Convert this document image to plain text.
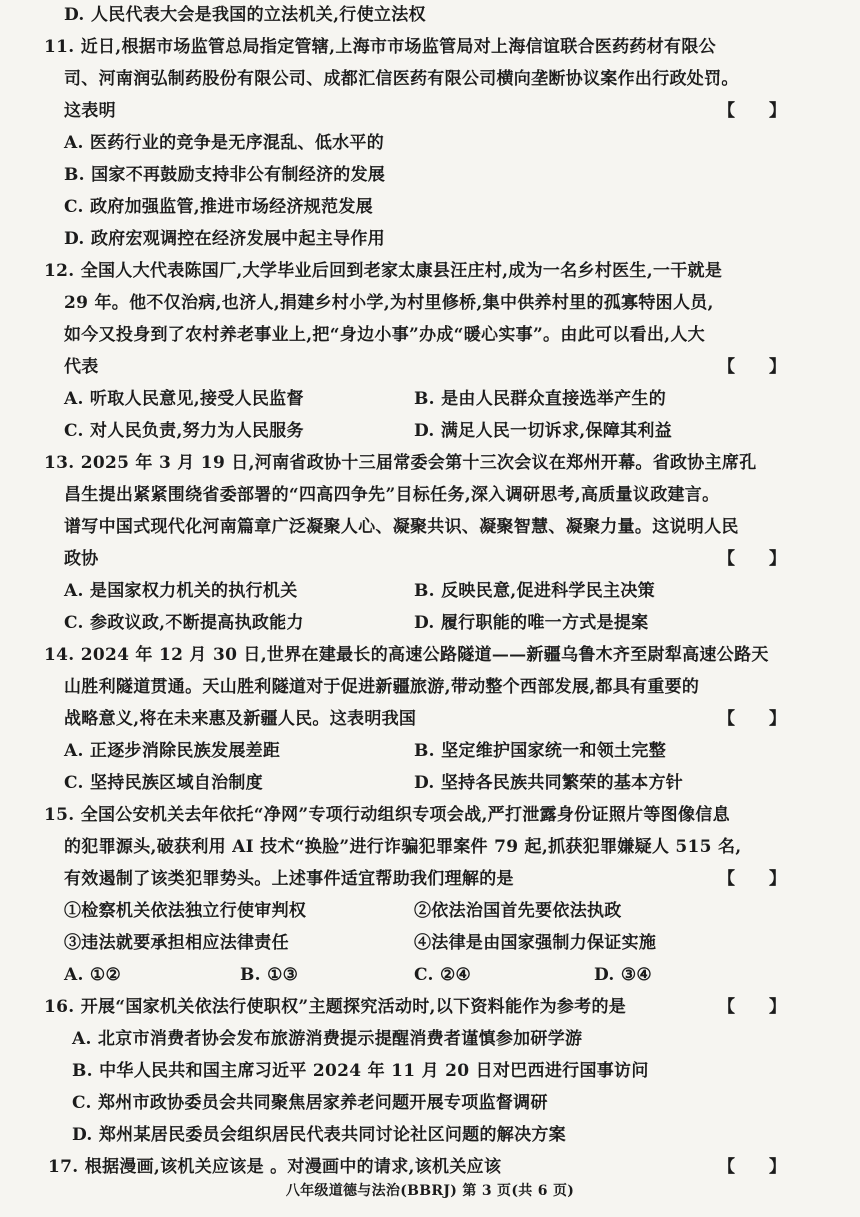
D. 人民代表大会是我国的立法机关,行使立法权
11. 近日,根据市场监管总局指定管辖,上海市市场监管局对上海信谊联合医药药材有限公
司、河南润弘制药股份有限公司、成都汇信医药有限公司横向垄断协议案作出行政处罚。
这表明	【　　】
A. 医药行业的竞争是无序混乱、低水平的
B. 国家不再鼓励支持非公有制经济的发展
C. 政府加强监管,推进市场经济规范发展
D. 政府宏观调控在经济发展中起主导作用
12. 全国人大代表陈国厂,大学毕业后回到老家太康县汪庄村,成为一名乡村医生,一干就是
29 年。他不仅治病,也济人,捐建乡村小学,为村里修桥,集中供养村里的孤寡特困人员,
如今又投身到了农村养老事业上,把“身边小事”办成“暖心实事”。由此可以看出,人大
代表	【　　】
A. 听取人民意见,接受人民监督	B. 是由人民群众直接选举产生的
C. 对人民负责,努力为人民服务	D. 满足人民一切诉求,保障其利益
13. 2025 年 3 月 19 日,河南省政协十三届常委会第十三次会议在郑州开幕。省政协主席孔
昌生提出紧紧围绕省委部署的“四高四争先”目标任务,深入调研思考,高质量议政建言。
谱写中国式现代化河南篇章广泛凝聚人心、凝聚共识、凝聚智慧、凝聚力量。这说明人民
政协	【　　】
A. 是国家权力机关的执行机关	B. 反映民意,促进科学民主决策
C. 参政议政,不断提高执政能力	D. 履行职能的唯一方式是提案
14. 2024 年 12 月 30 日,世界在建最长的高速公路隧道——新疆乌鲁木齐至尉犁高速公路天
山胜利隧道贯通。天山胜利隧道对于促进新疆旅游,带动整个西部发展,都具有重要的
战略意义,将在未来惠及新疆人民。这表明我国	【　　】
A. 正逐步消除民族发展差距	B. 坚定维护国家统一和领土完整
C. 坚持民族区域自治制度	D. 坚持各民族共同繁荣的基本方针
15. 全国公安机关去年依托“净网”专项行动组织专项会战,严打泄露身份证照片等图像信息
的犯罪源头,破获利用 AI 技术“换脸”进行诈骗犯罪案件 79 起,抓获犯罪嫌疑人 515 名,
有效遏制了该类犯罪势头。上述事件适宜帮助我们理解的是	【　　】
①检察机关依法独立行使审判权	②依法治国首先要依法执政
③违法就要承担相应法律责任	④法律是由国家强制力保证实施
A. ①②	B. ①③	C. ②④	D. ③④
16. 开展“国家机关依法行使职权”主题探究活动时,以下资料能作为参考的是	【　　】
A. 北京市消费者协会发布旅游消费提示提醒消费者谨慎参加研学游
B. 中华人民共和国主席习近平 2024 年 11 月 20 日对巴西进行国事访问
C. 郑州市政协委员会共同聚焦居家养老问题开展专项监督调研
D. 郑州某居民委员会组织居民代表共同讨论社区问题的解决方案
17. 根据漫画,该机关应该是 。对漫画中的请求,该机关应该	【　　】
八年级道德与法治(BBRJ) 第 3 页(共 6 页)
